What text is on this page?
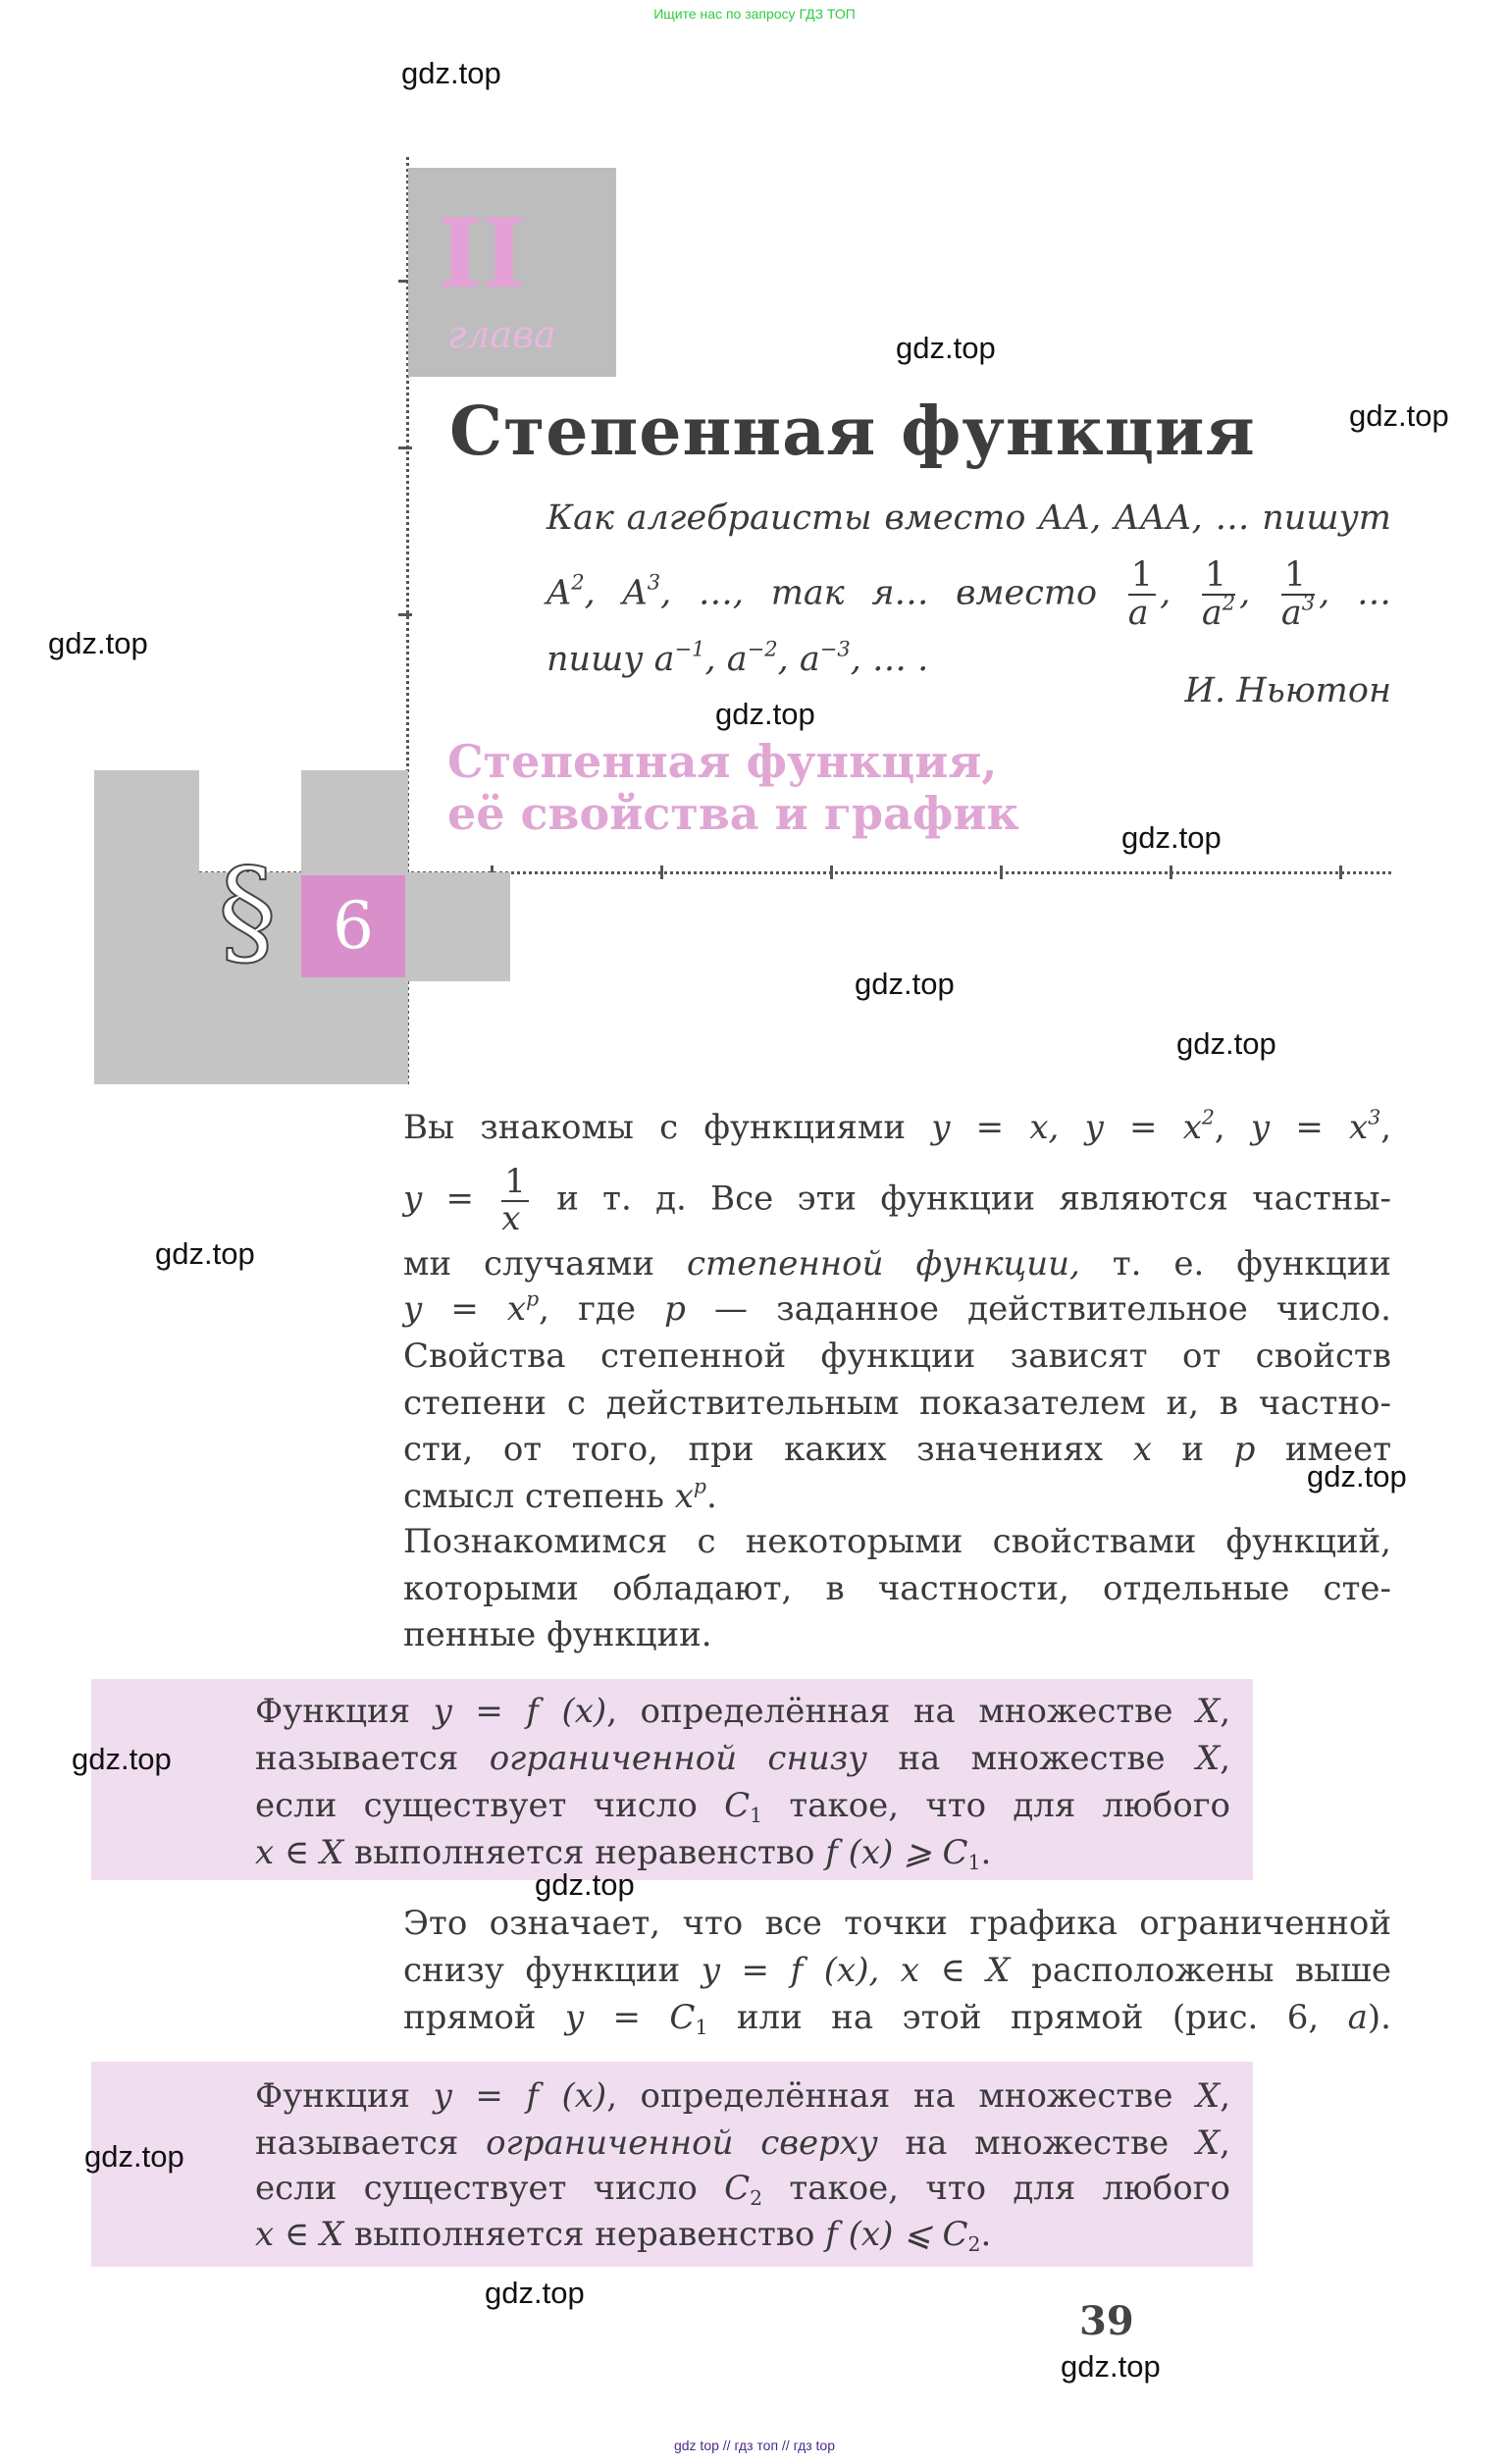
Ищите нас по запросу ГДЗ ТОП
II
глава
Степенная функция
Как алгебраисты вместо АА, ААА, … пишут
$A^2$, $A^3$, …, так я… вместо $\frac{1}{a}$ , $\frac{1}{a^2}$ , $\frac{1}{a^3}$ , …
пишу $a^{-1}$, $a^{-2}$, $a^{-3}$, … .
И. Ньютон
§ 6
Степенная функция,
её свойства и график
Вы знакомы с функциями y = x, $y = x^2$, $y = x^3$,
$y = \frac{1}{x}$ и т. д. Все эти функции являются частны-
ми случаями степенной функции, т. е. функции
$y = x^p$, где p — заданное действительное число.
Свойства степенной функции зависят от свойств
степени с действительным показателем и, в частно-
сти, от того, при каких значениях x и p имеет
смысл степень $x^p$.
Познакомимся с некоторыми свойствами функций,
которыми обладают, в частности, отдельные сте-
пенные функции.
Функция y = f (x), определённая на множестве X,
называется ограниченной снизу на множестве X,
если существует число $C_1$ такое, что для любого
x ∈ X выполняется неравенство f (x) ⩾ $C_1$.
Это означает, что все точки графика ограниченной
снизу функции y = f (x), x ∈ X расположены выше
прямой $y = C_1$ или на этой прямой (рис. 6, a).
Функция y = f (x), определённая на множестве X,
называется ограниченной сверху на множестве X,
если существует число $C_2$ такое, что для любого
x ∈ X выполняется неравенство f (x) ⩽ $C_2$.
39
gdz.top
gdz.top
gdz.top
gdz.top
gdz.top
gdz.top
gdz.top
gdz.top
gdz.top
gdz.top
gdz.top
gdz.top
gdz.top
gdz.top
gdz.top
gdz top // гдз топ // гдз top
